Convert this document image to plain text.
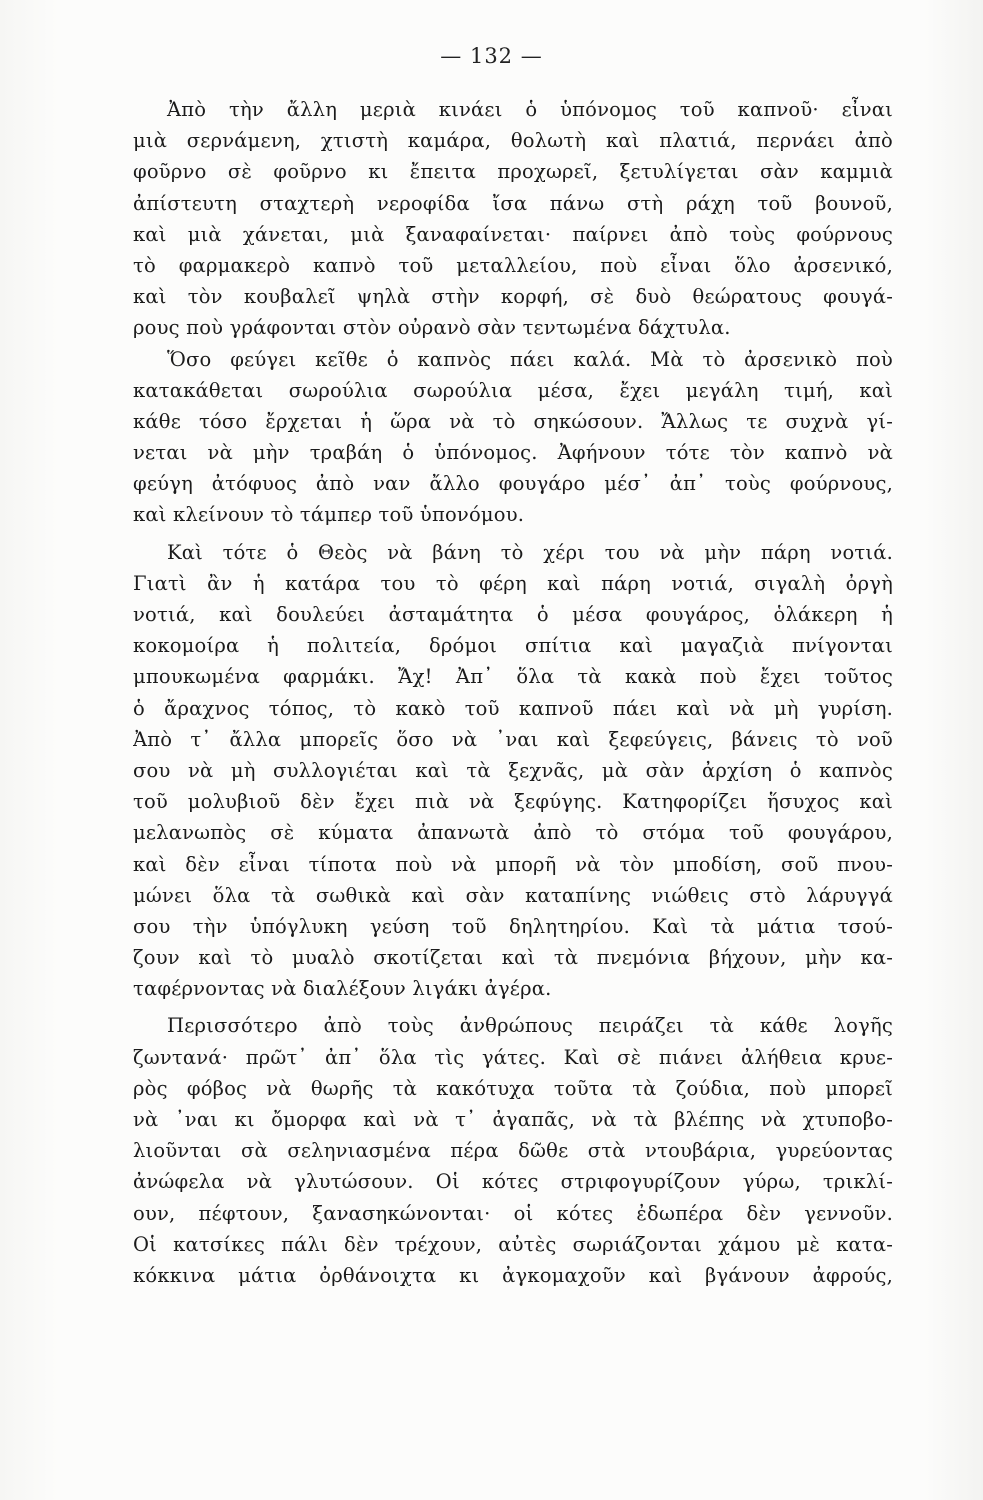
— 132 —
Ἀπὸ τὴν ἄλλη μεριὰ κινάει ὁ ὑπόνομος τοῦ καπνοῦ· εἶναι
μιὰ σερνάμενη, χτιστὴ καμάρα, θολωτὴ καὶ πλατιά, περνάει ἀπὸ
φοῦρνο σὲ φοῦρνο κι ἔπειτα προχωρεῖ, ξετυλίγεται σὰν καμμιὰ
ἀπίστευτη σταχτερὴ νεροφίδα ἴσα πάνω στὴ ράχη τοῦ βουνοῦ,
καὶ μιὰ χάνεται, μιὰ ξαναφαίνεται· παίρνει ἀπὸ τοὺς φούρνους
τὸ φαρμακερὸ καπνὸ τοῦ μεταλλείου, ποὺ εἶναι ὅλο ἀρσενικό,
καὶ τὸν κουβαλεῖ ψηλὰ στὴν κορφή, σὲ δυὸ θεώρατους φουγά-
ρους ποὺ γράφονται στὸν οὐρανὸ σὰν τεντωμένα δάχτυλα.
Ὅσο φεύγει κεῖθε ὁ καπνὸς πάει καλά. Μὰ τὸ ἀρσενικὸ ποὺ
κατακάθεται σωρούλια σωρούλια μέσα, ἔχει μεγάλη τιμή, καὶ
κάθε τόσο ἔρχεται ἡ ὥρα νὰ τὸ σηκώσουν. Ἄλλως τε συχνὰ γί-
νεται νὰ μὴν τραβάη ὁ ὑπόνομος. Ἀφήνουν τότε τὸν καπνὸ νὰ
φεύγη ἀτόφυος ἀπὸ ναν ἄλλο φουγάρο μέσ᾿ ἀπ᾿ τοὺς φούρνους,
καὶ κλείνουν τὸ τάμπερ τοῦ ὑπονόμου.
Καὶ τότε ὁ Θεὸς νὰ βάνη τὸ χέρι του νὰ μὴν πάρη νοτιά.
Γιατὶ ἂν ἡ κατάρα του τὸ φέρη καὶ πάρη νοτιά, σιγαλὴ ὀργὴ
νοτιά, καὶ δουλεύει ἀσταμάτητα ὁ μέσα φουγάρος, ὁλάκερη ἡ
κοκομοίρα ἡ πολιτεία, δρόμοι σπίτια καὶ μαγαζιὰ πνίγονται
μπουκωμένα φαρμάκι. Ἄχ! Ἀπ᾿ ὅλα τὰ κακὰ ποὺ ἔχει τοῦτος
ὁ ἄραχνος τόπος, τὸ κακὸ τοῦ καπνοῦ πάει καὶ νὰ μὴ γυρίση.
Ἀπὸ τ᾿ ἄλλα μπορεῖς ὅσο νὰ ᾿ναι καὶ ξεφεύγεις, βάνεις τὸ νοῦ
σου νὰ μὴ συλλογιέται καὶ τὰ ξεχνᾶς, μὰ σὰν ἀρχίση ὁ καπνὸς
τοῦ μολυβιοῦ δὲν ἔχει πιὰ νὰ ξεφύγης. Κατηφορίζει ἥσυχος καὶ
μελανωπὸς σὲ κύματα ἀπανωτὰ ἀπὸ τὸ στόμα τοῦ φουγάρου,
καὶ δὲν εἶναι τίποτα ποὺ νὰ μπορῆ νὰ τὸν μποδίση, σοῦ πνου-
μώνει ὅλα τὰ σωθικὰ καὶ σὰν καταπίνης νιώθεις στὸ λάρυγγά
σου τὴν ὑπόγλυκη γεύση τοῦ δηλητηρίου. Καὶ τὰ μάτια τσού-
ζουν καὶ τὸ μυαλὸ σκοτίζεται καὶ τὰ πνεμόνια βήχουν, μὴν κα-
ταφέρνοντας νὰ διαλέξουν λιγάκι ἀγέρα.
Περισσότερο ἀπὸ τοὺς ἀνθρώπους πειράζει τὰ κάθε λογῆς
ζωντανά· πρῶτ᾿ ἀπ᾿ ὅλα τὶς γάτες. Καὶ σὲ πιάνει ἀλήθεια κρυε-
ρὸς φόβος νὰ θωρῆς τὰ κακότυχα τοῦτα τὰ ζούδια, ποὺ μπορεῖ
νὰ ᾿ναι κι ὄμορφα καὶ νὰ τ᾿ ἀγαπᾶς, νὰ τὰ βλέπης νὰ χτυποβο-
λιοῦνται σὰ σεληνιασμένα πέρα δῶθε στὰ ντουβάρια, γυρεύοντας
ἀνώφελα νὰ γλυτώσουν. Οἱ κότες στριφογυρίζουν γύρω, τρικλί-
ουν, πέφτουν, ξανασηκώνονται· οἱ κότες ἐδωπέρα δὲν γεννοῦν.
Οἱ κατσίκες πάλι δὲν τρέχουν, αὐτὲς σωριάζονται χάμου μὲ κατα-
κόκκινα μάτια ὀρθάνοιχτα κι ἀγκομαχοῦν καὶ βγάνουν ἀφρούς,
